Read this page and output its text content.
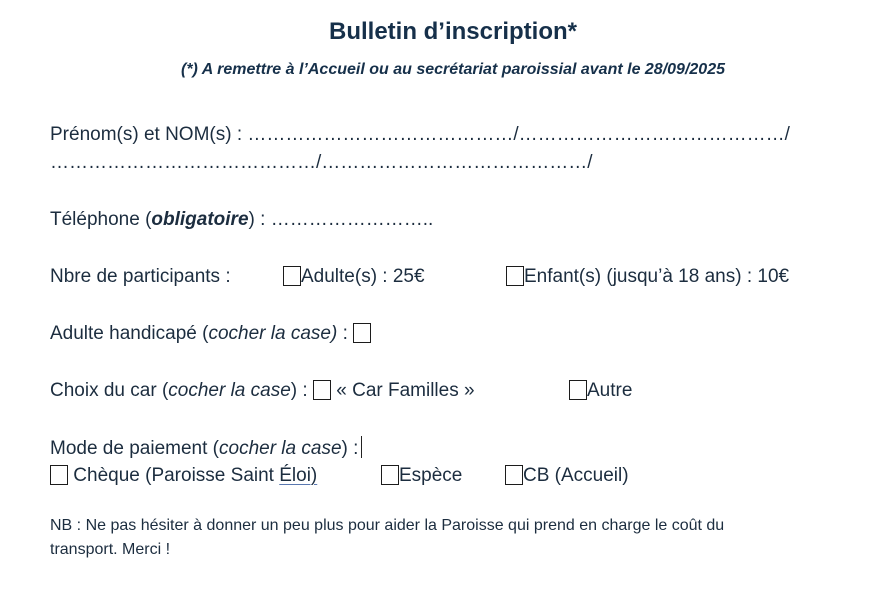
Bulletin d’inscription*
(*) A remettre à l’Accueil ou au secrétariat paroissial avant le 28/09/2025
Prénom(s) et NOM(s) : ……………………………………/……………………………………/
……………………………………/……………………………………/
Téléphone (obligatoire) : ……………………..
Nbre de participants :	Adulte(s) : 25€	Enfant(s) (jusqu’à 18 ans) : 10€
Adulte handicapé (cocher la case) :
Choix du car (cocher la case) : « Car Familles »	Autre
Mode de paiement (cocher la case) :
Chèque (Paroisse Saint Éloi)	Espèce	CB (Accueil)
NB : Ne pas hésiter à donner un peu plus pour aider la Paroisse qui prend en charge le coût du
transport. Merci !
